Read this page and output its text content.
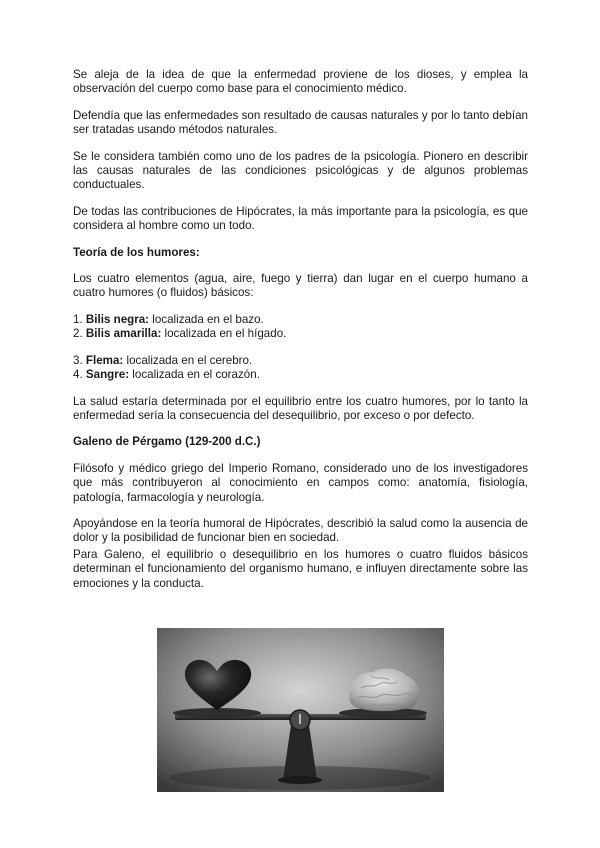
Se aleja de la idea de que la enfermedad proviene de los dioses, y emplea la observación del cuerpo como base para el conocimiento médico.

Defendía que las enfermedades son resultado de causas naturales y por lo tanto debían ser tratadas usando métodos naturales.

Se le considera también como uno de los padres de la psicología. Pionero en describir las causas naturales de las condiciones psicológicas y de algunos problemas conductuales.

De todas las contribuciones de Hipócrates, la más importante para la psicología, es que considera al hombre como un todo.

Teoría de los humores:

Los cuatro elementos (agua, aire, fuego y tierra) dan lugar en el cuerpo humano a cuatro humores (o fluidos) básicos:

1. Bilis negra: localizada en el bazo.

2. Bilis amarilla: localizada en el hígado.

3. Flema: localizada en el cerebro.

4. Sangre: localizada en el corazón.

La salud estaría determinada por el equilibrio entre los cuatro humores, por lo tanto la enfermedad sería la consecuencia del desequilibrio, por exceso o por defecto.

Galeno de Pérgamo (129-200 d.C.)

Filósofo y médico griego del Imperio Romano, considerado uno de los investigadores que más contribuyeron al conocimiento en campos como: anatomía, fisiología, patología, farmacología y neurología.

Apoyándose en la teoría humoral de Hipócrates, describió la salud como la ausencia de dolor y la posibilidad de funcionar bien en sociedad.

Para Galeno, el equilibrio o desequilibrio en los humores o cuatro fluidos básicos determinan el funcionamiento del organismo humano, e influyen directamente sobre las emociones y la conducta.
